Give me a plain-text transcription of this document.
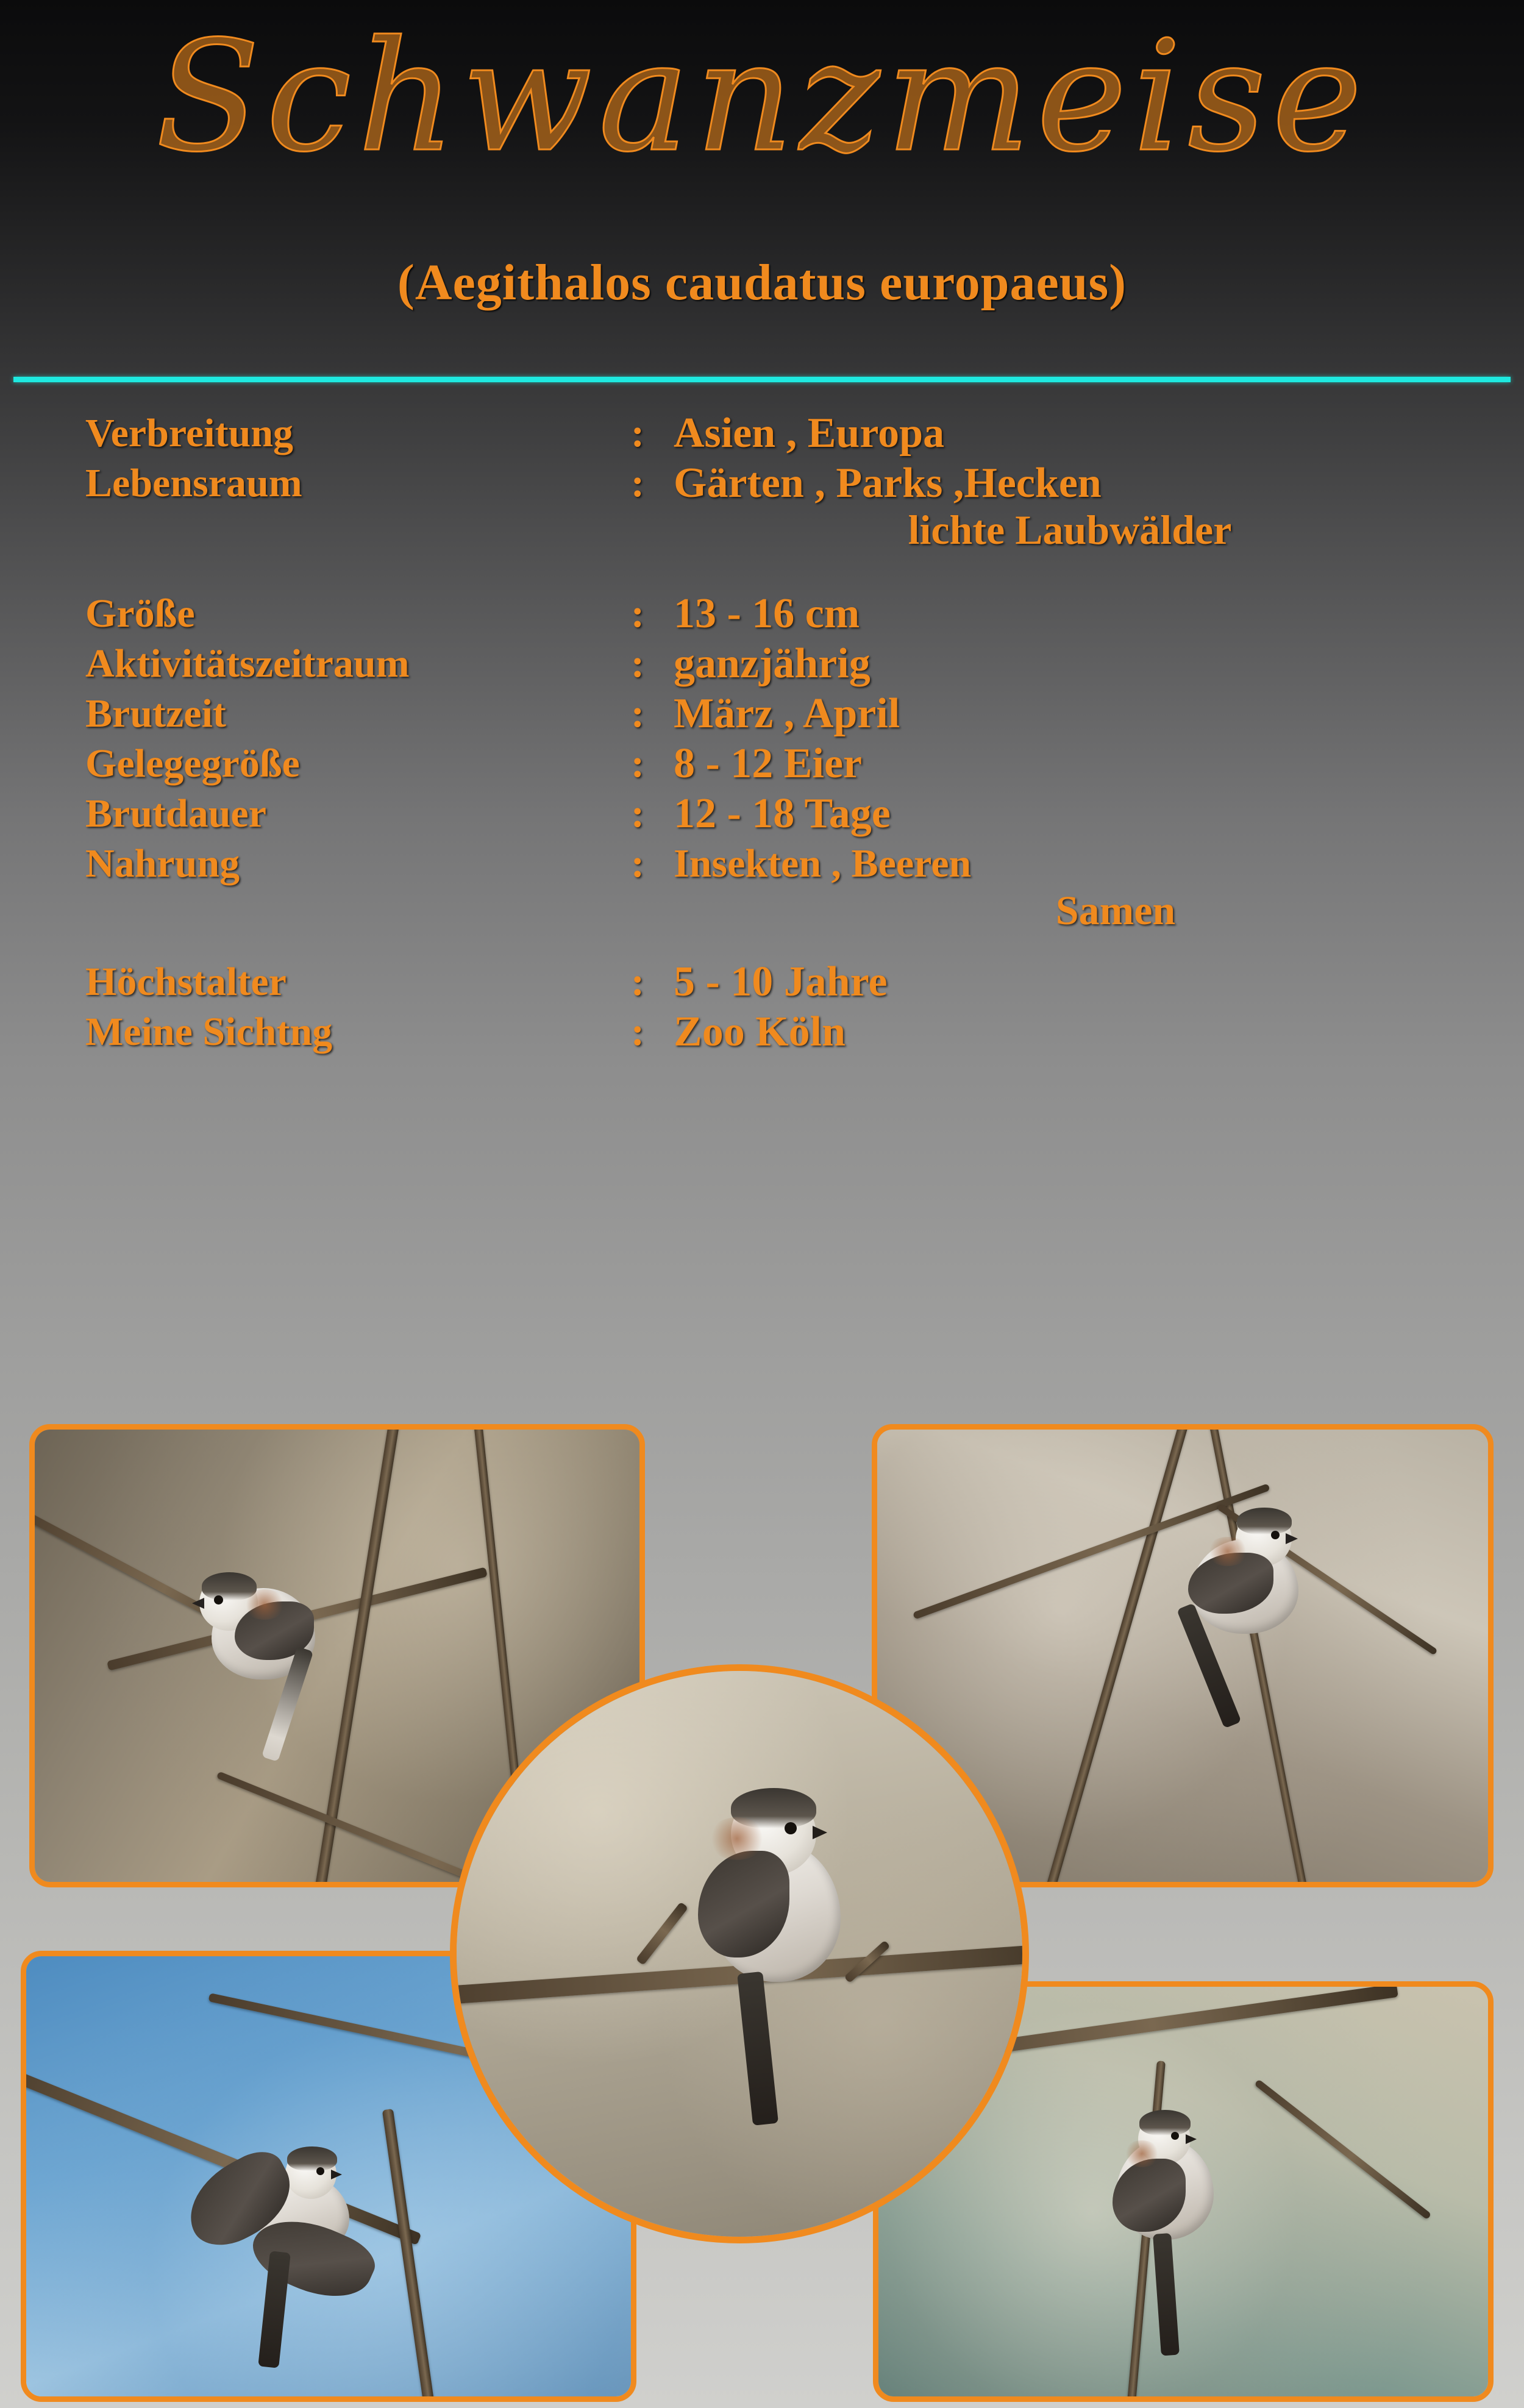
Schwanzmeise
(Aegithalos caudatus europaeus)
Verbreitung	: Asien , Europa
Lebensraum	: Gärten , Parks ,Hecken
lichte Laubwälder
Größe	: 13 - 16 cm
Aktivitätszeitraum	: ganzjährig
Brutzeit	: März , April
Gelegegröße	: 8 - 12 Eier
Brutdauer	: 12 - 18 Tage
Nahrung	: Insekten , Beeren
Samen
Höchstalter	: 5 - 10 Jahre
Meine Sichtng	: Zoo Köln
